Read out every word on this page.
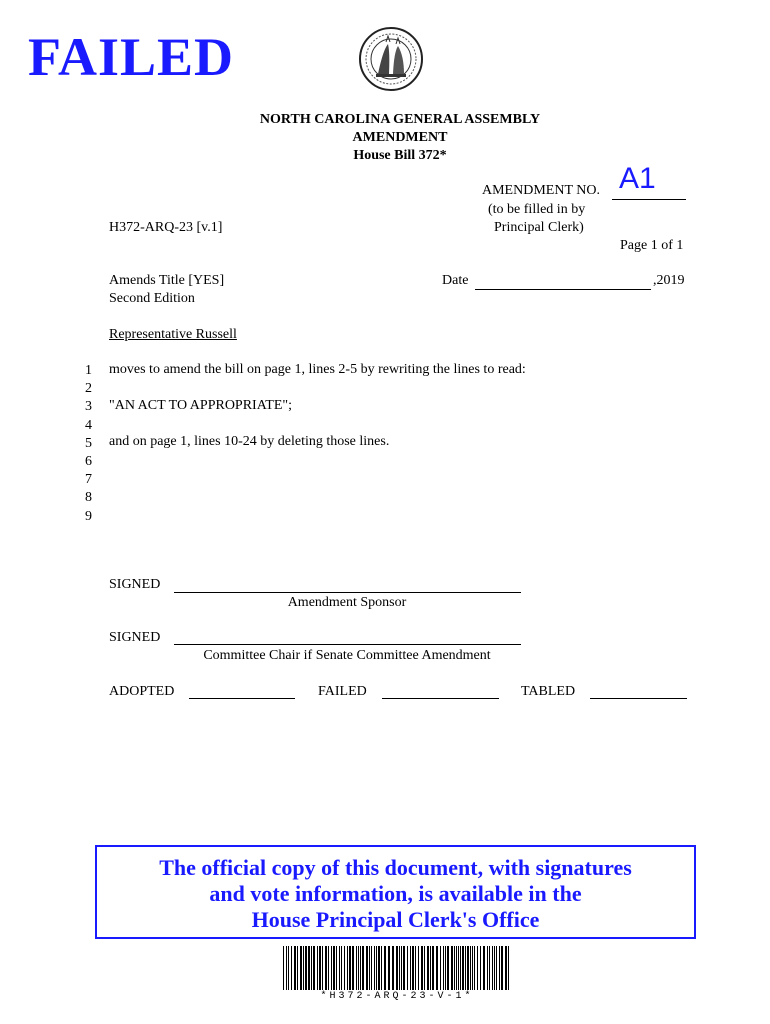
FAILED
NORTH CAROLINA GENERAL ASSEMBLY
AMENDMENT
House Bill 372*
AMENDMENT NO. A1
(to be filled in by
Principal Clerk)
H372-ARQ-23 [v.1]
Page 1 of 1
Amends Title [YES]
Second Edition
Date	,2019
Representative Russell
1
2
3
4
5
6
7
8
9
moves to amend the bill on page 1, lines 2-5 by rewriting the lines to read:
"AN ACT TO APPROPRIATE";
and on page 1, lines 10-24 by deleting those lines.
SIGNED
Amendment Sponsor
SIGNED
Committee Chair if Senate Committee Amendment
ADOPTED	FAILED	TABLED
The official copy of this document, with signatures
and vote information, is available in the
House Principal Clerk's Office
*H372-ARQ-23-V-1*
